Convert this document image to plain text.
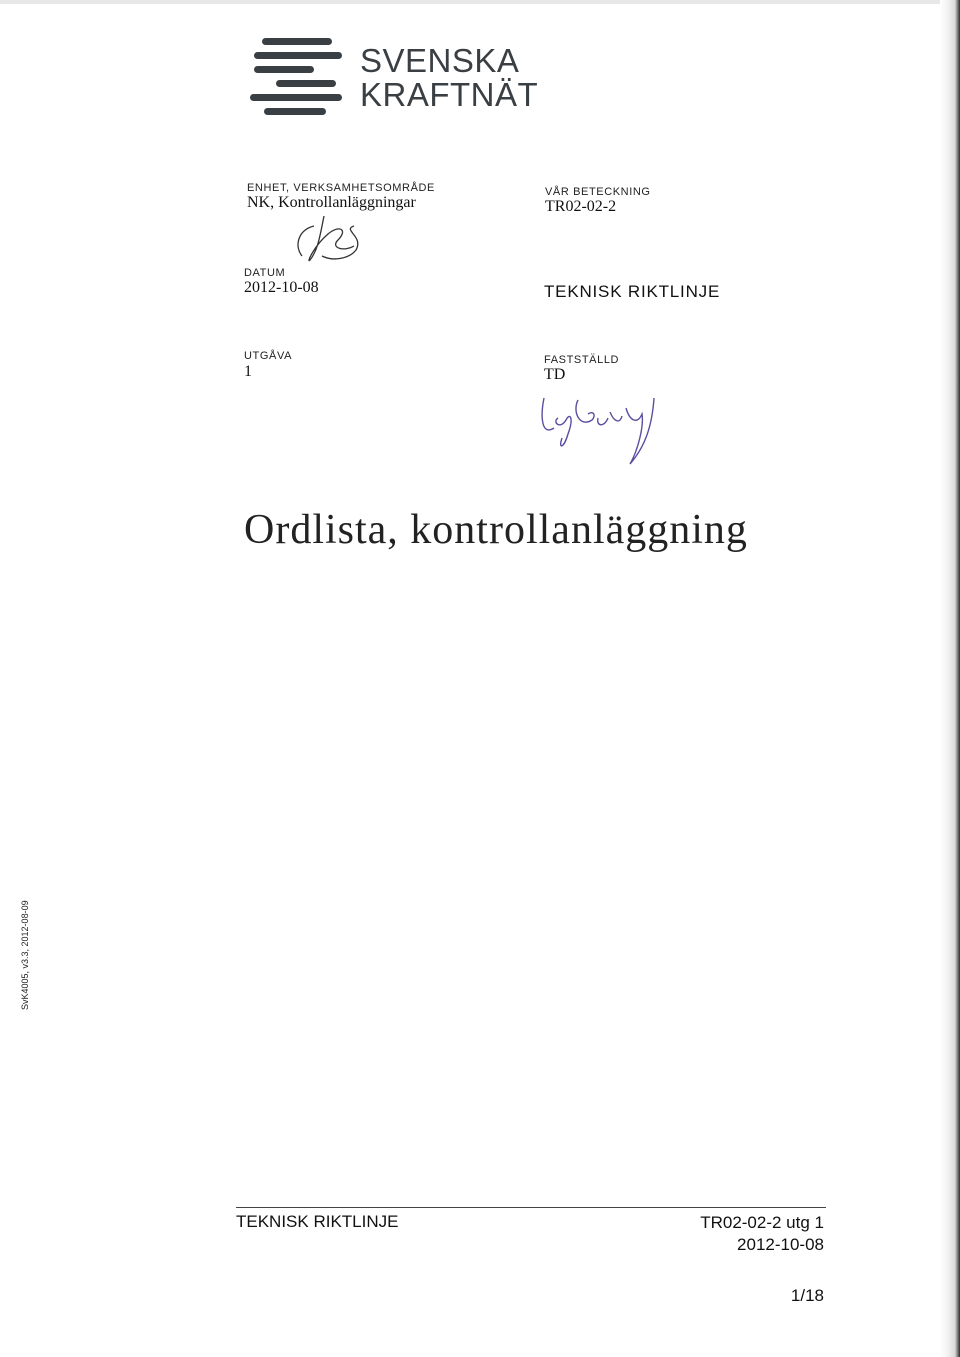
SVENSKA
KRAFTNÄT
ENHET, VERKSAMHETSOMRÅDE
NK, Kontrollanläggningar
VÅR BETECKNING
TR02-02-2
DATUM
2012-10-08	TEKNISK RIKTLINJE
UTGÅVA
1
FASTSTÄLLD
TD
Ordlista, kontrollanläggning
SvK4005, v3.3, 2012-08-09
TEKNISK RIKTLINJE	TR02-02-2 utg 1
2012-10-08
1/18
